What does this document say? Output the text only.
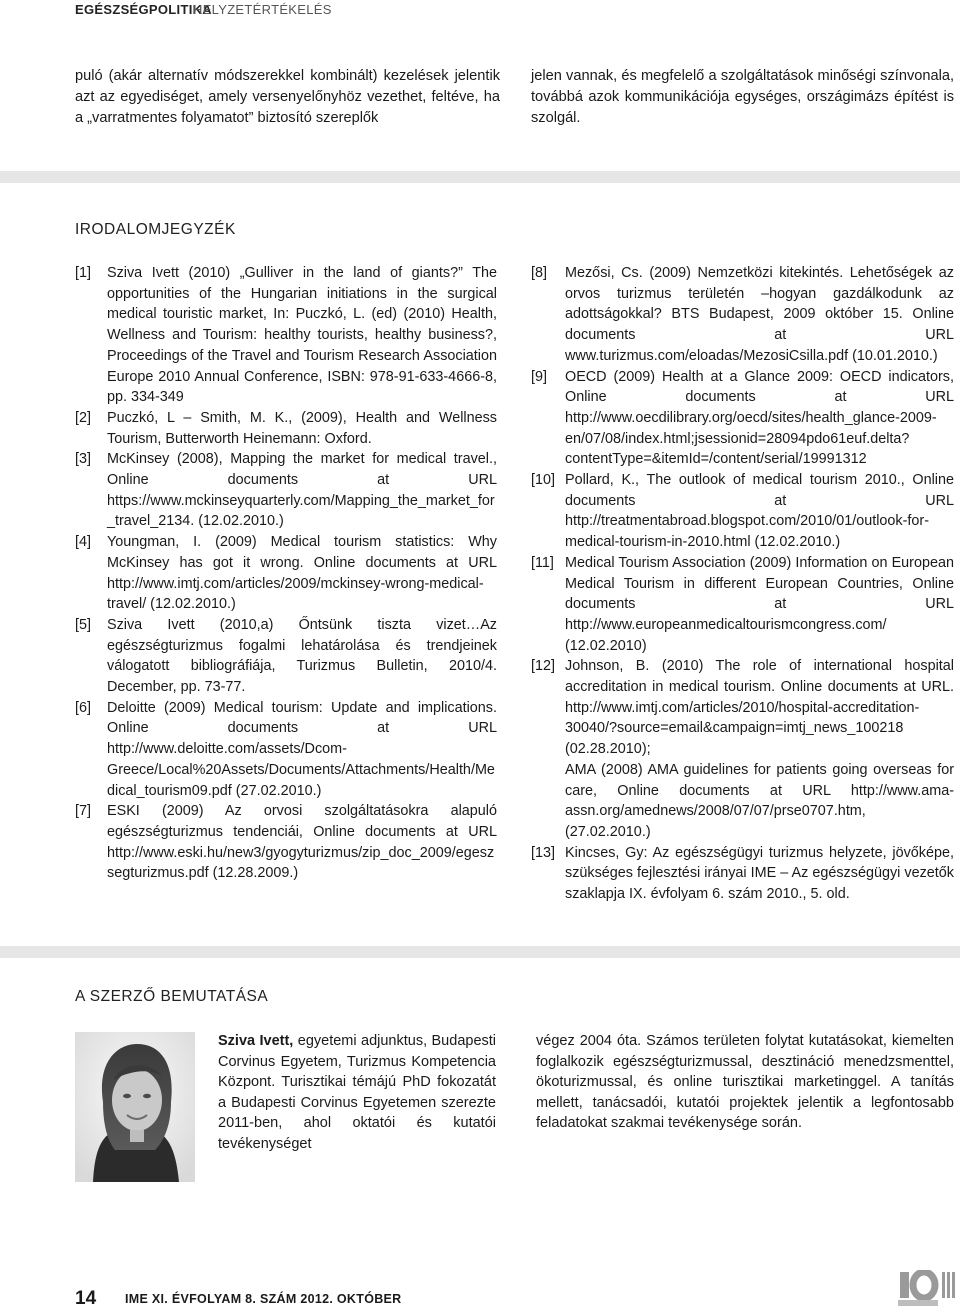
EGÉSZSÉGPOLITIKA
HELYZETÉRTÉKELÉS
puló (akár alternatív módszerekkel kombinált) kezelések jelentik azt az egyediséget, amely versenyelőnyhöz vezethet, feltéve, ha a „varratmentes folyamatot” biztosító szereplők
jelen vannak, és megfelelő a szolgáltatások minőségi színvonala, továbbá azok kommunikációja egységes, országimázs építést is szolgál.
IRODALOMJEGYZÉK
[1]	Sziva Ivett (2010) „Gulliver in the land of giants?” The opportunities of the Hungarian initiations in the surgical medical touristic market, In: Puczkó, L. (ed) (2010) Health, Wellness and Tourism: healthy tourists, healthy business?, Proceedings of the Travel and Tourism Research Association Europe 2010 Annual Conference, ISBN: 978-91-633-4666-8, pp. 334-349
[2]	Puczkó, L – Smith, M. K., (2009), Health and Wellness Tourism, Butterworth Heinemann: Oxford.
[3]	McKinsey (2008), Mapping the market for medical travel., Online documents at URL https://www.mckinseyquarterly.com/Mapping_the_market_for_travel_2134. (12.02.2010.)
[4]	Youngman, I. (2009) Medical tourism statistics: Why McKinsey has got it wrong. Online documents at URL http://www.imtj.com/articles/2009/mckinsey-wrong-medical-travel/ (12.02.2010.)
[5]	Sziva Ivett (2010,a) Őntsünk tiszta vizet…Az egészségturizmus fogalmi lehatárolása és trendjeinek válogatott bibliográfiája, Turizmus Bulletin, 2010/4. December, pp. 73-77.
[6]	Deloitte (2009) Medical tourism: Update and implications. Online documents at URL http://www.deloitte.com/assets/Dcom-Greece/Local%20Assets/Documents/Attachments/Health/Medical_tourism09.pdf (27.02.2010.)
[7]	ESKI (2009) Az orvosi szolgáltatásokra alapuló egészségturizmus tendenciái, Online documents at URL http://www.eski.hu/new3/gyogyturizmus/zip_doc_2009/egeszsegturizmus.pdf (12.28.2009.)
[8]	Mezősi, Cs. (2009) Nemzetközi kitekintés. Lehetőségek az orvos turizmus területén –hogyan gazdálkodunk az adottságokkal? BTS Budapest, 2009 október 15. Online documents at URL www.turizmus.com/eloadas/MezosiCsilla.pdf (10.01.2010.)
[9]	OECD (2009) Health at a Glance 2009: OECD indicators, Online documents at URL http://www.oecdilibrary.org/oecd/sites/health_glance-2009-en/07/08/index.html;jsessionid=28094pdo61euf.delta?contentType=&itemId=/content/serial/19991312
[10] Pollard, K., The outlook of medical tourism 2010., Online documents at URL http://treatmentabroad.blogspot.com/2010/01/outlook-for-medical-tourism-in-2010.html (12.02.2010.)
[11] Medical Tourism Association (2009) Information on European Medical Tourism in different European Countries, Online documents at URL http://www.europeanmedicaltourismcongress.com/ (12.02.2010)
[12] Johnson, B. (2010) The role of international hospital accreditation in medical tourism. Online documents at URL. http://www.imtj.com/articles/2010/hospital-accreditation-30040/?source=email&campaign=imtj_news_100218 (02.28.2010);
AMA (2008) AMA guidelines for patients going overseas for care, Online documents at URL http://www.ama-assn.org/amednews/2008/07/07/prse0707.htm, (27.02.2010.)
[13] Kincses, Gy: Az egészségügyi turizmus helyzete, jövőképe, szükséges fejlesztési irányai IME – Az egészségügyi vezetők szaklapja IX. évfolyam 6. szám 2010., 5. old.
A SZERZŐ BEMUTATÁSA
Sziva Ivett, egyetemi adjunktus, Budapesti Corvinus Egyetem, Turizmus Kompetencia Központ. Turisztikai témájú PhD fokozatát a Budapesti Corvinus Egyetemen szerezte 2011-ben, ahol oktatói és kutatói tevékenységet
végez 2004 óta. Számos területen folytat kutatásokat, kiemelten foglalkozik egészségturizmussal, desztináció menedzsmenttel, ökoturizmussal, és online turisztikai marketinggel. A tanítás mellett, tanácsadói, kutatói projektek jelentik a legfontosabb feladatokat szakmai tevékenysége során.
14 IME XI. ÉVFOLYAM 8. SZÁM 2012. OKTÓBER
